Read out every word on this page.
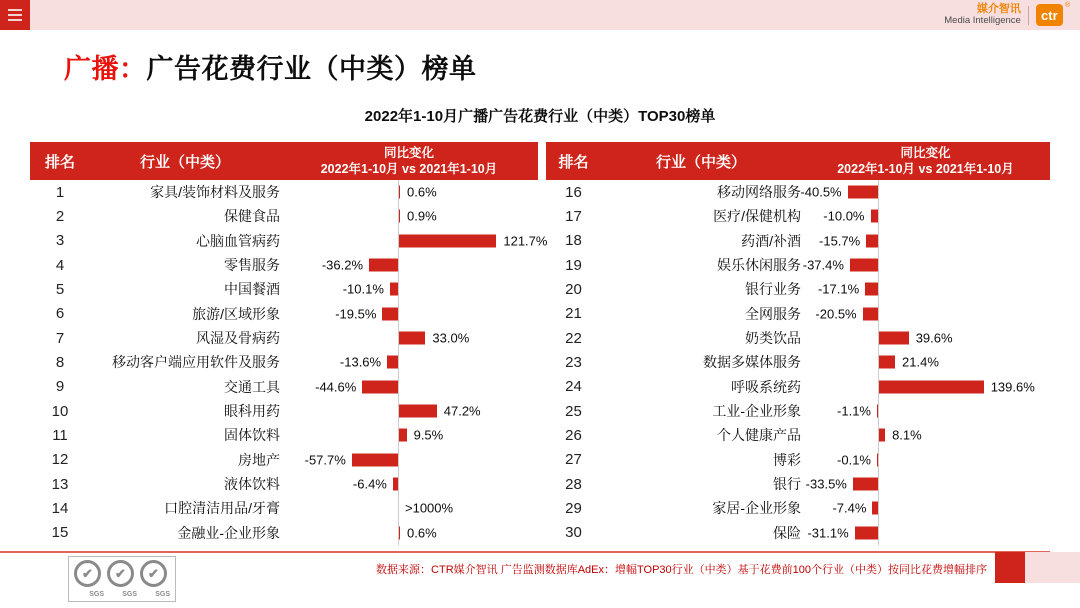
媒介智讯
Media Intelligence	ctr
®
广播：广告花费行业（中类）榜单
2022年1-10月广播广告花费行业（中类）TOP30榜单
排名	行业（中类）
同比变化
2022年1-10月 vs 2021年1-10月
1	家具/装饰材料及服务	0.6%
2	保健食品	0.9%
3	心脑血管病药	121.7%
4	零售服务	-36.2%
5	中国餐酒	-10.1%
6	旅游/区域形象	-19.5%
7	风湿及骨病药	33.0%
8	移动客户端应用软件及服务	-13.6%
9	交通工具	-44.6%
10	眼科用药	47.2%
11	固体饮料	9.5%
12	房地产 -57.7%
13	液体饮料	-6.4%
14	口腔清洁用品/牙膏	>1000%
15	金融业-企业形象	0.6%
排名	行业（中类）
同比变化
2022年1-10月 vs 2021年1-10月
16	移动网络服务 -40.5%
17	医疗/保健机构 -10.0%
18	药酒/补酒 -15.7%
19	娱乐休闲服务 -37.4%
20	银行业务 -17.1%
21	全网服务 -20.5%
22	奶类饮品	39.6%
23	数据多媒体服务	21.4%
24	呼吸系统药	139.6%
25	工业-企业形象	-1.1%
26	个人健康产品	8.1%
27	博彩	-0.1%
28	银行 -33.5%
29	家居-企业形象 -7.4%
30	保险 -31.1%
✔
SGS
✔
SGS
✔
SGS
数据来源：CTR媒介智讯 广告监测数据库AdEx：增幅TOP30行业（中类）基于花费前100个行业（中类）按同比花费增幅排序
